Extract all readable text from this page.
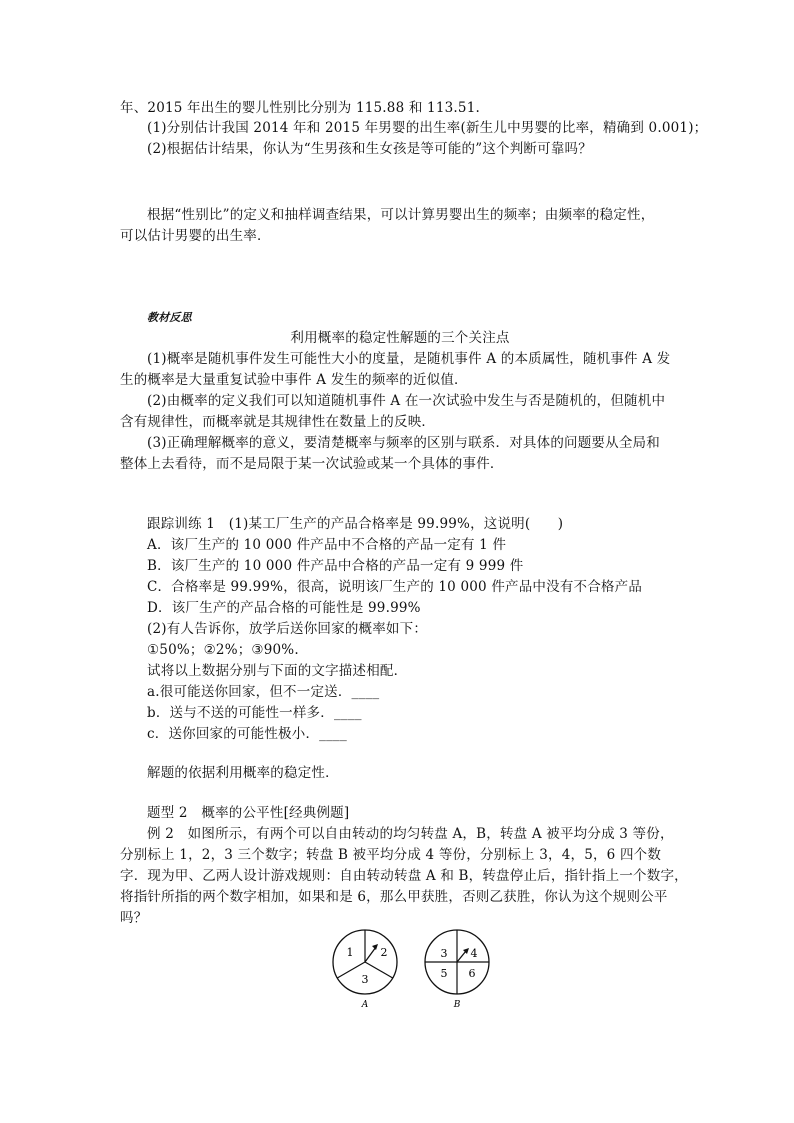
年、2015 年出生的婴儿性别比分别为 115.88 和 113.51.
(1)分别估计我国 2014 年和 2015 年男婴的出生率(新生儿中男婴的比率，精确到 0.001)；
(2)根据估计结果，你认为“生男孩和生女孩是等可能的”这个判断可靠吗？
根据“性别比”的定义和抽样调查结果，可以计算男婴出生的频率；由频率的稳定性，
可以估计男婴的出生率．
教材反思
利用概率的稳定性解题的三个关注点
(1)概率是随机事件发生可能性大小的度量，是随机事件 A 的本质属性，随机事件 A 发
生的概率是大量重复试验中事件 A 发生的频率的近似值．
(2)由概率的定义我们可以知道随机事件 A 在一次试验中发生与否是随机的，但随机中
含有规律性，而概率就是其规律性在数量上的反映．
(3)正确理解概率的意义，要清楚概率与频率的区别与联系．对具体的问题要从全局和
整体上去看待，而不是局限于某一次试验或某一个具体的事件．
跟踪训练 1　(1)某工厂生产的产品合格率是 99.99%，这说明(　　)
A．该厂生产的 10 000 件产品中不合格的产品一定有 1 件
B．该厂生产的 10 000 件产品中合格的产品一定有 9 999 件
C．合格率是 99.99%，很高，说明该厂生产的 10 000 件产品中没有不合格产品
D．该厂生产的产品合格的可能性是 99.99%
(2)有人告诉你，放学后送你回家的概率如下：
①50%；②2%；③90%.
试将以上数据分别与下面的文字描述相配．
a.很可能送你回家，但不一定送．____
b．送与不送的可能性一样多．____
c．送你回家的可能性极小．____
解题的依据利用概率的稳定性．
题型 2　概率的公平性[经典例题]
例 2　如图所示，有两个可以自由转动的均匀转盘 A，B，转盘 A 被平均分成 3 等份，
分别标上 1，2，3 三个数字；转盘 B 被平均分成 4 等份，分别标上 3，4，5，6 四个数
字．现为甲、乙两人设计游戏规则：自由转动转盘 A 和 B，转盘停止后，指针指上一个数字，
将指针所指的两个数字相加，如果和是 6，那么甲获胜，否则乙获胜，你认为这个规则公平
吗？
1 2
3
A
3 4
5 6
B
